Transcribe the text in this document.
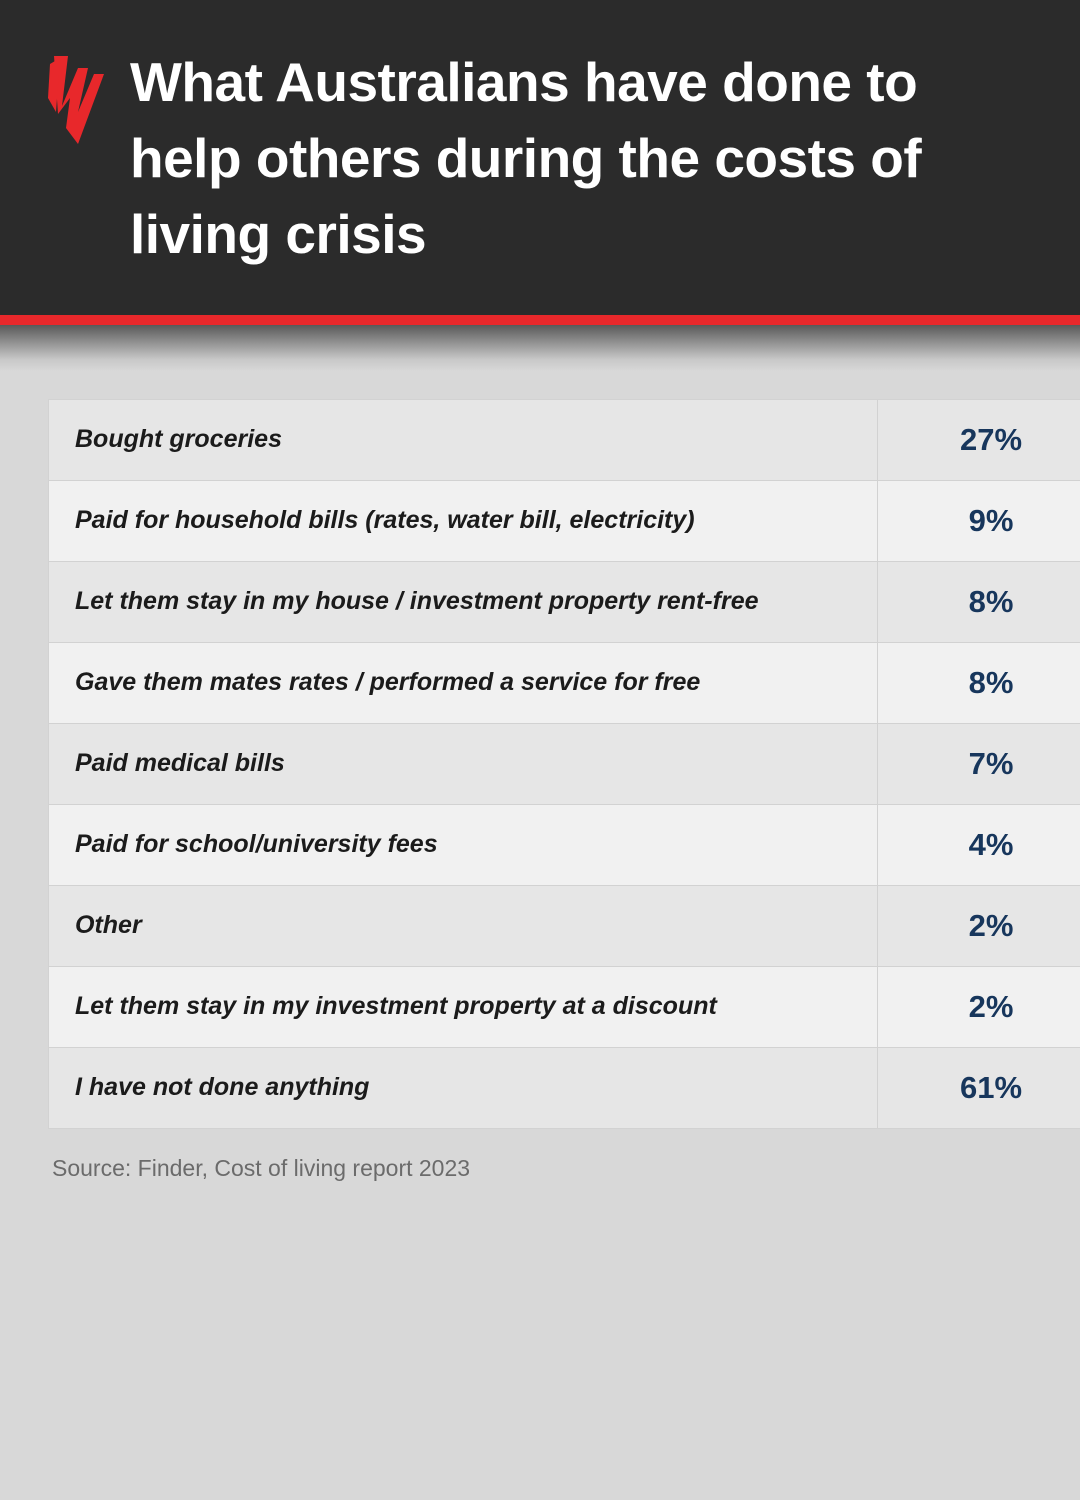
What Australians have done to help others during the costs of living crisis
Bought groceries	27%
Paid for household bills (rates, water bill, electricity)	9%
Let them stay in my house / investment property rent-free	8%
Gave them mates rates / performed a service for free	8%
Paid medical bills	7%
Paid for school/university fees	4%
Other	2%
Let them stay in my investment property at a discount	2%
I have not done anything	61%
Source: Finder, Cost of living report 2023
